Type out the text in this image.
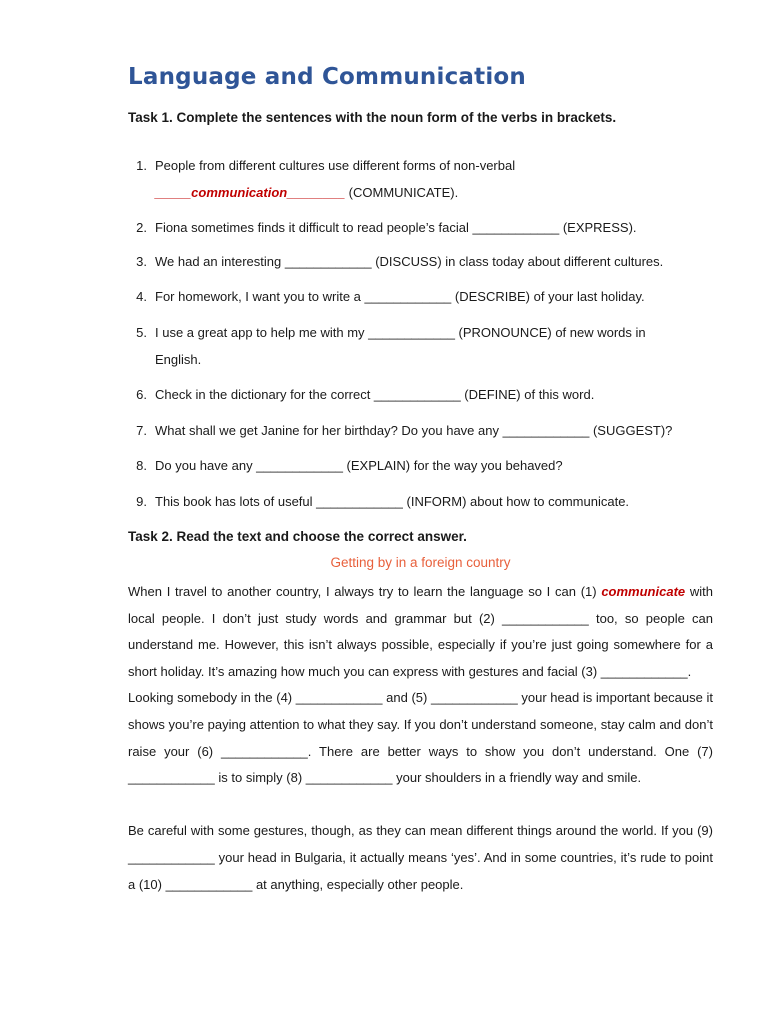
Language and Communication
Task 1. Complete the sentences with the noun form of the verbs in brackets.
1. People from different cultures use different forms of non-verbal _____communication________ (COMMUNICATE).
2. Fiona sometimes finds it difficult to read people’s facial ____________ (EXPRESS).
3. We had an interesting ____________ (DISCUSS) in class today about different cultures.
4. For homework, I want you to write a ____________ (DESCRIBE) of your last holiday.
5. I use a great app to help me with my ____________ (PRONOUNCE) of new words in English.
6. Check in the dictionary for the correct ____________ (DEFINE) of this word.
7. What shall we get Janine for her birthday? Do you have any ____________ (SUGGEST)?
8. Do you have any ____________ (EXPLAIN) for the way you behaved?
9. This book has lots of useful ____________ (INFORM) about how to communicate.
Task 2. Read the text and choose the correct answer.
Getting by in a foreign country

When I travel to another country, I always try to learn the language so I can (1) communicate with local people. I don’t just study words and grammar but (2) ____________ too, so people can understand me. However, this isn’t always possible, especially if you’re just going somewhere for a short holiday. It’s amazing how much you can express with gestures and facial (3) ____________.

Looking somebody in the (4) ____________ and (5) ____________ your head is important because it shows you’re paying attention to what they say. If you don’t understand someone, stay calm and don’t raise your (6) ____________. There are better ways to show you don’t understand. One (7) ____________ is to simply (8) ____________ your shoulders in a friendly way and smile.

Be careful with some gestures, though, as they can mean different things around the world. If you (9) ____________ your head in Bulgaria, it actually means ‘yes’. And in some countries, it’s rude to point a (10) ____________ at anything, especially other people.
